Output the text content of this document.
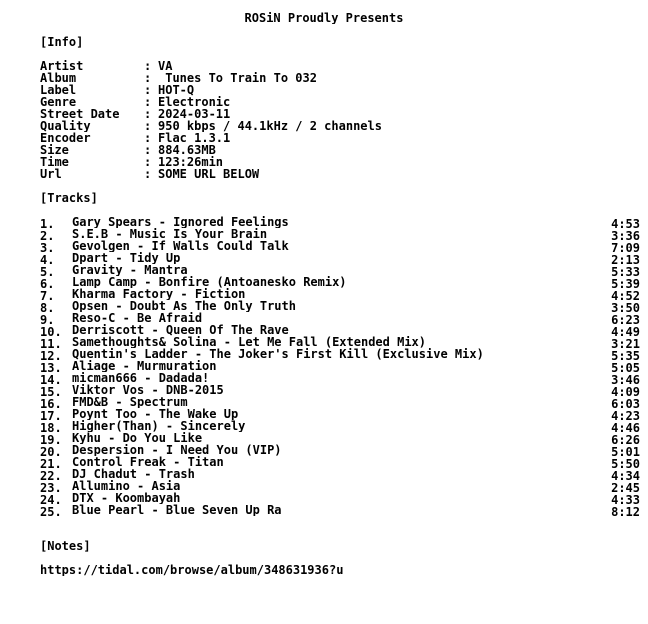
ROSiN Proudly Presents
[Info]
Artist	: VA
Album	: Tunes To Train To 032
Label	: HOT-Q
Genre	: Electronic
Street Date : 2024-03-11
Quality	: 950 kbps / 44.1kHz / 2 channels
Encoder	: Flac 1.3.1
Size	: 884.63MB
Time	: 123:26min
Url	: SOME URL BELOW
[Tracks]
1. Gary Spears - Ignored Feelings	4:53
2. S.E.B - Music Is Your Brain	3:36
3. Gevolgen - If Walls Could Talk	7:09
4. Dpart - Tidy Up	2:13
5. Gravity - Mantra	5:33
6. Lamp Camp - Bonfire (Antoanesko Remix)	5:39
7. Kharma Factory - Fiction	4:52
8. Opsen - Doubt As The Only Truth	3:50
9. Reso-C - Be Afraid	6:23
10. Derriscott - Queen Of The Rave	4:49
11. Samethoughts& Solina - Let Me Fall (Extended Mix)	3:21
12. Quentin's Ladder - The Joker's First Kill (Exclusive Mix)	5:35
13. Aliage - Murmuration	5:05
14. micman666 - Dadada!	3:46
15. Viktor Vos - DNB-2015	4:09
16. FMD&B - Spectrum	6:03
17. Poynt Too - The Wake Up	4:23
18. Higher(Than) - Sincerely	4:46
19. Kyhu - Do You Like	6:26
20. Despersion - I Need You (VIP)	5:01
21. Control Freak - Titan	5:50
22. DJ Chadut - Trash	4:34
23. Allumino - Asia	2:45
24. DTX - Koombayah	4:33
25. Blue Pearl - Blue Seven Up Ra	8:12
[Notes]
https://tidal.com/browse/album/348631936?u
